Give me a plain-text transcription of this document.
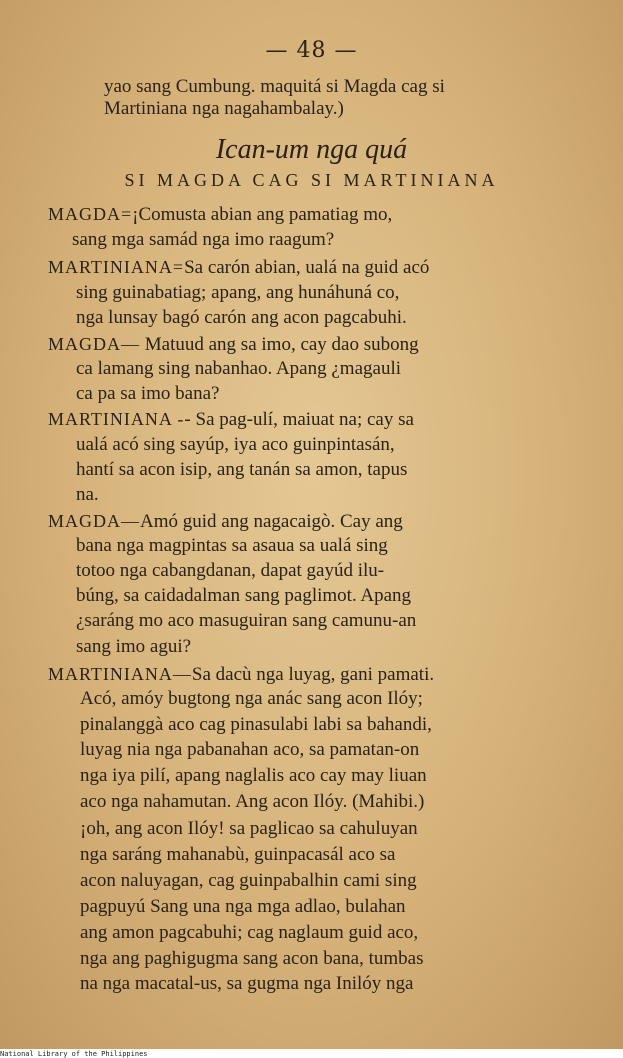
— 48 —
yao sang Cumbung. maquitá si Magda cag si
Martiniana nga nagahambalay.)
Ican-um nga quá
SI MAGDA CAG SI MARTINIANA
MAGDA=¡Comusta abian ang pamatiag mo,
sang mga samád nga imo raagum?
MARTINIANA=Sa carón abian, ualá na guid acó
sing guinabatiag; apang, ang hunáhuná co,
nga lunsay bagó carón ang acon pagcabuhi.
MAGDA— Matuud ang sa imo, cay dao subong
ca lamang sing nabanhao. Apang ¿magauli
ca pa sa imo bana?
MARTINIANA -- Sa pag-ulí, maiuat na; cay sa
ualá acó sing sayúp, iya aco guinpintasán,
hantí sa acon isip, ang tanán sa amon, tapus
na.
MAGDA—Amó guid ang nagacaigò. Cay ang
bana nga magpintas sa asaua sa ualá sing
totoo nga cabangdanan, dapat gayúd ilu-
búng, sa caidadalman sang paglimot. Apang
¿saráng mo aco masuguiran sang camunu-an
sang imo agui?
MARTINIANA—Sa dacù nga luyag, gani pamati.
Acó, amóy bugtong nga anác sang acon Ilóy;
pinalanggà aco cag pinasulabi labi sa bahandi,
luyag nia nga pabanahan aco, sa pamatan-on
nga iya pilí, apang naglalis aco cay may liuan
aco nga nahamutan. Ang acon Ilóy. (Mahibi.)
¡oh, ang acon Ilóy! sa paglicao sa cahuluyan
nga saráng mahanabù, guinpacasál aco sa
acon naluyagan, cag guinpabalhin cami sing
pagpuyú Sang una nga mga adlao, bulahan
ang amon pagcabuhi; cag naglaum guid aco,
nga ang paghigugma sang acon bana, tumbas
na nga macatal-us, sa gugma nga Inilóy nga
National Library of the Philippines
